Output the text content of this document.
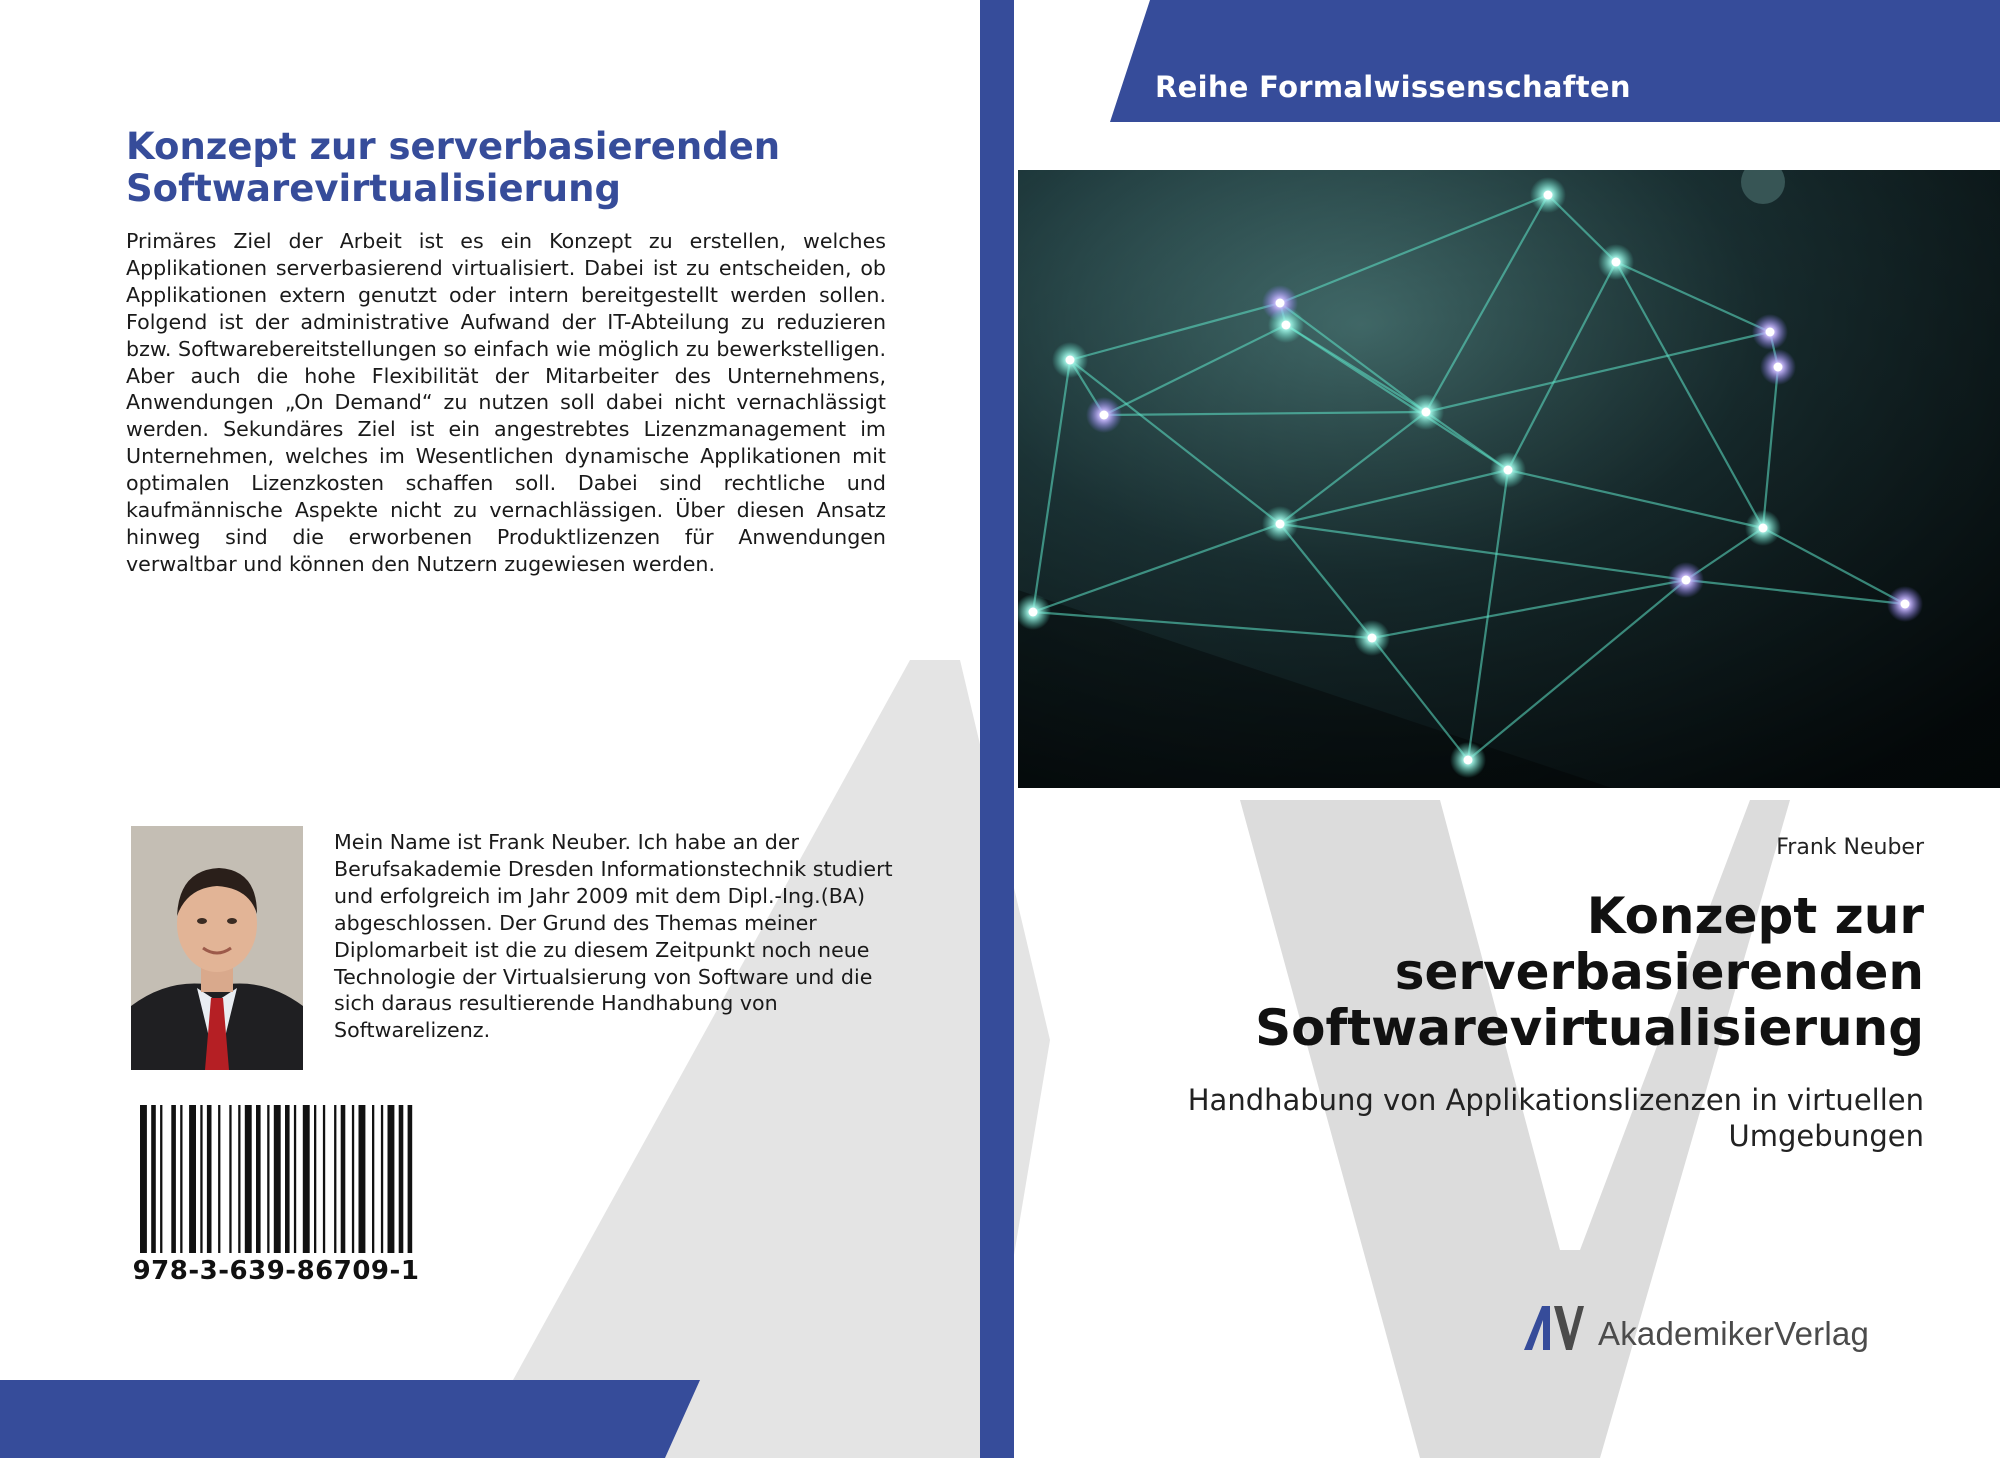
Konzept zur serverbasierenden Softwarevirtualisierung

Primäres Ziel der Arbeit ist es ein Konzept zu erstellen, welches Applikationen serverbasierend virtualisiert. Dabei ist zu entscheiden, ob Applikationen extern genutzt oder intern bereitgestellt werden sollen. Folgend ist der administrative Aufwand der IT-Abteilung zu reduzieren bzw. Softwarebereitstellungen so einfach wie möglich zu bewerkstelligen. Aber auch die hohe Flexibilität der Mitarbeiter des Unternehmens, Anwendungen „On Demand“ zu nutzen soll dabei nicht vernachlässigt werden. Sekundäres Ziel ist ein angestrebtes Lizenzmanagement im Unternehmen, welches im Wesentlichen dynamische Applikationen mit optimalen Lizenzkosten schaffen soll. Dabei sind rechtliche und kaufmännische Aspekte nicht zu vernachlässigen. Über diesen Ansatz hinweg sind die erworbenen Produktlizenzen für Anwendungen verwaltbar und können den Nutzern zugewiesen werden.

Mein Name ist Frank Neuber. Ich habe an der Berufsakademie Dresden Informationstechnik studiert und erfolgreich im Jahr 2009 mit dem Dipl.-Ing.(BA) abgeschlossen. Der Grund des Themas meiner Diplomarbeit ist die zu diesem Zeitpunkt noch neue Technologie der Virtualsierung von Software und die sich daraus resultierende Handhabung von Softwarelizenz.

978-3-639-86709-1
Reihe Formalwissenschaften
Frank Neuber
Konzept zur serverbasierenden Softwarevirtualisierung
Handhabung von Applikationslizenzen in virtuellen Umgebungen
AkademikerVerlag
